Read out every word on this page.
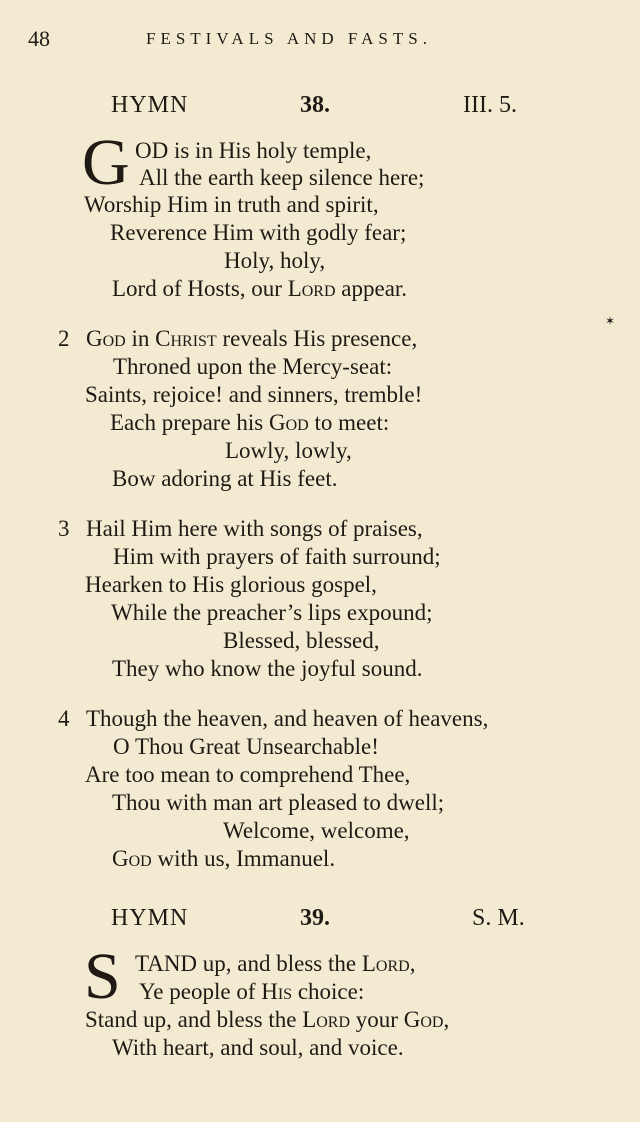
48	FESTIVALS AND FASTS.
HYMN	38.	III. 5.
G OD is in His holy temple,
All the earth keep silence here;
Worship Him in truth and spirit,
Reverence Him with godly fear;
Holy, holy,
Lord of Hosts, our Lord appear.
✶
2 God in Christ reveals His presence,
Throned upon the Mercy-seat:
Saints, rejoice! and sinners, tremble!
Each prepare his God to meet:
Lowly, lowly,
Bow adoring at His feet.
3 Hail Him here with songs of praises,
Him with prayers of faith surround;
Hearken to His glorious gospel,
While the preacher’s lips expound;
Blessed, blessed,
They who know the joyful sound.
4 Though the heaven, and heaven of heavens,
O Thou Great Unsearchable!
Are too mean to comprehend Thee,
Thou with man art pleased to dwell;
Welcome, welcome,
God with us, Immanuel.
HYMN	39.	S. M.
S TAND up, and bless the Lord,
Ye people of His choice:
Stand up, and bless the Lord your God,
With heart, and soul, and voice.
